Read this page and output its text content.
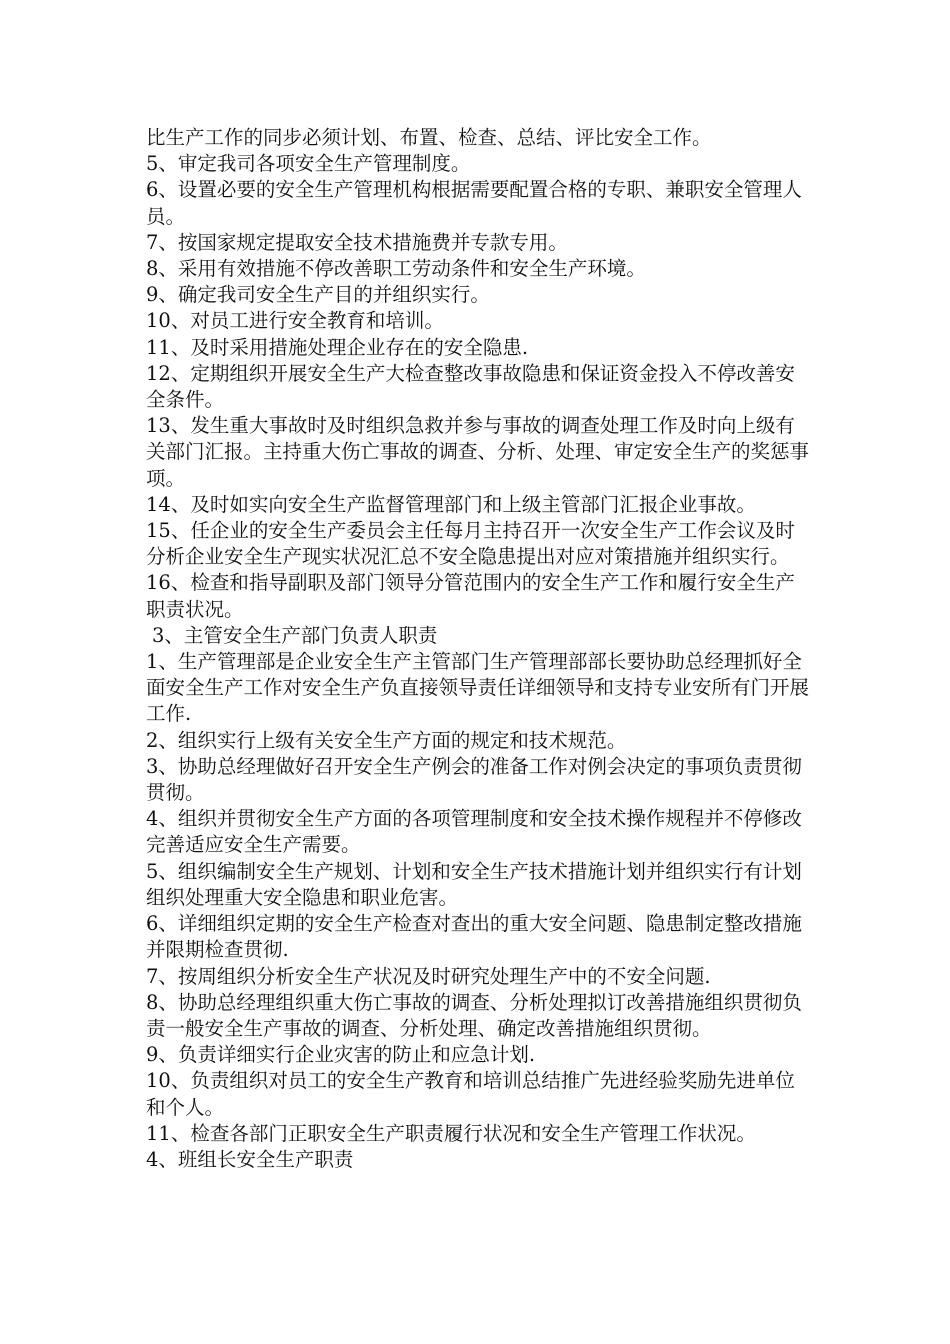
比生产工作的同步必须计划、布置、检查、总结、评比安全工作。

5、审定我司各项安全生产管理制度。

6、设置必要的安全生产管理机构根据需要配置合格的专职、兼职安全管理人员。

7、按国家规定提取安全技术措施费并专款专用。

8、采用有效措施不停改善职工劳动条件和安全生产环境。

9、确定我司安全生产目的并组织实行。

10、对员工进行安全教育和培训。

11、及时采用措施处理企业存在的安全隐患.

12、定期组织开展安全生产大检查整改事故隐患和保证资金投入不停改善安全条件。

13、发生重大事故时及时组织急救并参与事故的调查处理工作及时向上级有关部门汇报。主持重大伤亡事故的调查、分析、处理、审定安全生产的奖惩事项。

14、及时如实向安全生产监督管理部门和上级主管部门汇报企业事故。

15、任企业的安全生产委员会主任每月主持召开一次安全生产工作会议及时分析企业安全生产现实状况汇总不安全隐患提出对应对策措施并组织实行。

16、检查和指导副职及部门领导分管范围内的安全生产工作和履行安全生产职责状况。

3、主管安全生产部门负责人职责

1、生产管理部是企业安全生产主管部门生产管理部部长要协助总经理抓好全面安全生产工作对安全生产负直接领导责任详细领导和支持专业安所有门开展工作.

2、组织实行上级有关安全生产方面的规定和技术规范。

3、协助总经理做好召开安全生产例会的准备工作对例会决定的事项负责贯彻贯彻。

4、组织并贯彻安全生产方面的各项管理制度和安全技术操作规程并不停修改完善适应安全生产需要。

5、组织编制安全生产规划、计划和安全生产技术措施计划并组织实行有计划组织处理重大安全隐患和职业危害。

6、详细组织定期的安全生产检查对查出的重大安全问题、隐患制定整改措施并限期检查贯彻.

7、按周组织分析安全生产状况及时研究处理生产中的不安全问题.

8、协助总经理组织重大伤亡事故的调查、分析处理拟订改善措施组织贯彻负责一般安全生产事故的调查、分析处理、确定改善措施组织贯彻。

9、负责详细实行企业灾害的防止和应急计划.

10、负责组织对员工的安全生产教育和培训总结推广先进经验奖励先进单位和个人。

11、检查各部门正职安全生产职责履行状况和安全生产管理工作状况。

4、班组长安全生产职责
